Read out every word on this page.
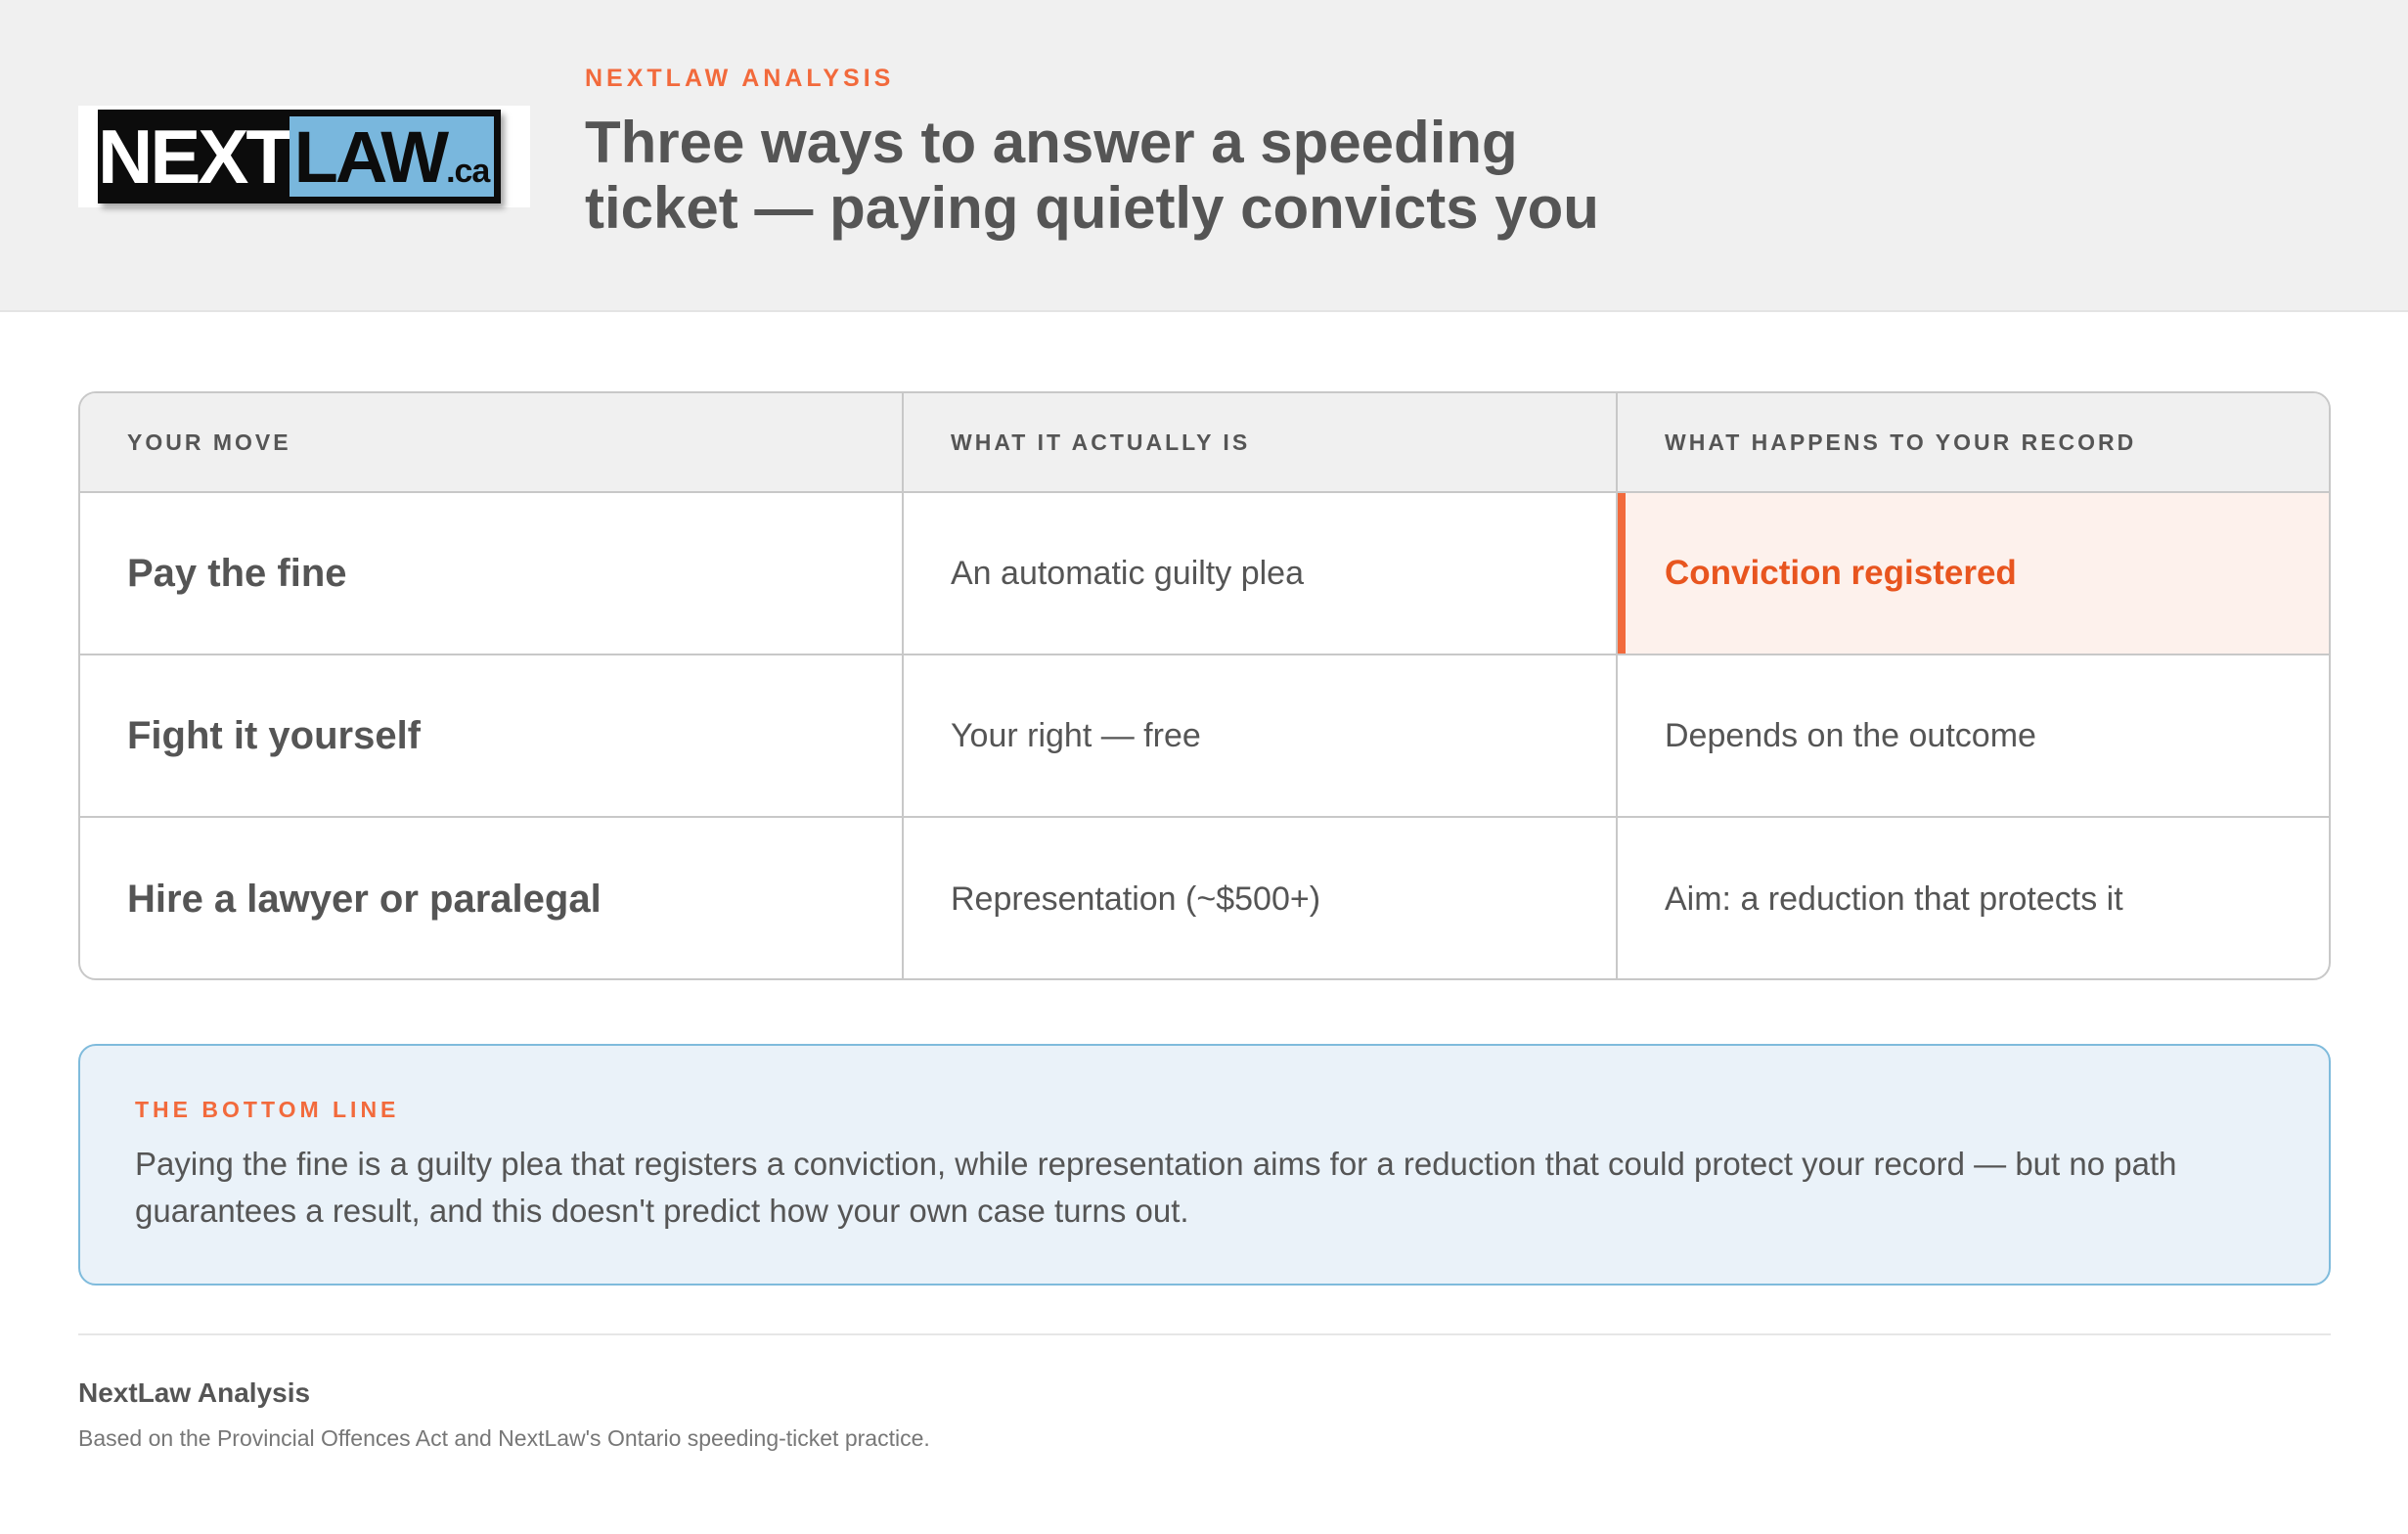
NEXT LAW .ca
NEXTLAW ANALYSIS
Three ways to answer a speeding ticket — paying quietly convicts you
YOUR MOVE	WHAT IT ACTUALLY IS	WHAT HAPPENS TO YOUR RECORD
Pay the fine	An automatic guilty plea	Conviction registered
Fight it yourself	Your right — free	Depends on the outcome
Hire a lawyer or paralegal	Representation (~$500+)	Aim: a reduction that protects it
THE BOTTOM LINE

Paying the fine is a guilty plea that registers a conviction, while representation aims for a reduction that could protect your record — but no path guarantees a result, and this doesn't predict how your own case turns out.

NextLaw Analysis
Based on the Provincial Offences Act and NextLaw's Ontario speeding-ticket practice.
